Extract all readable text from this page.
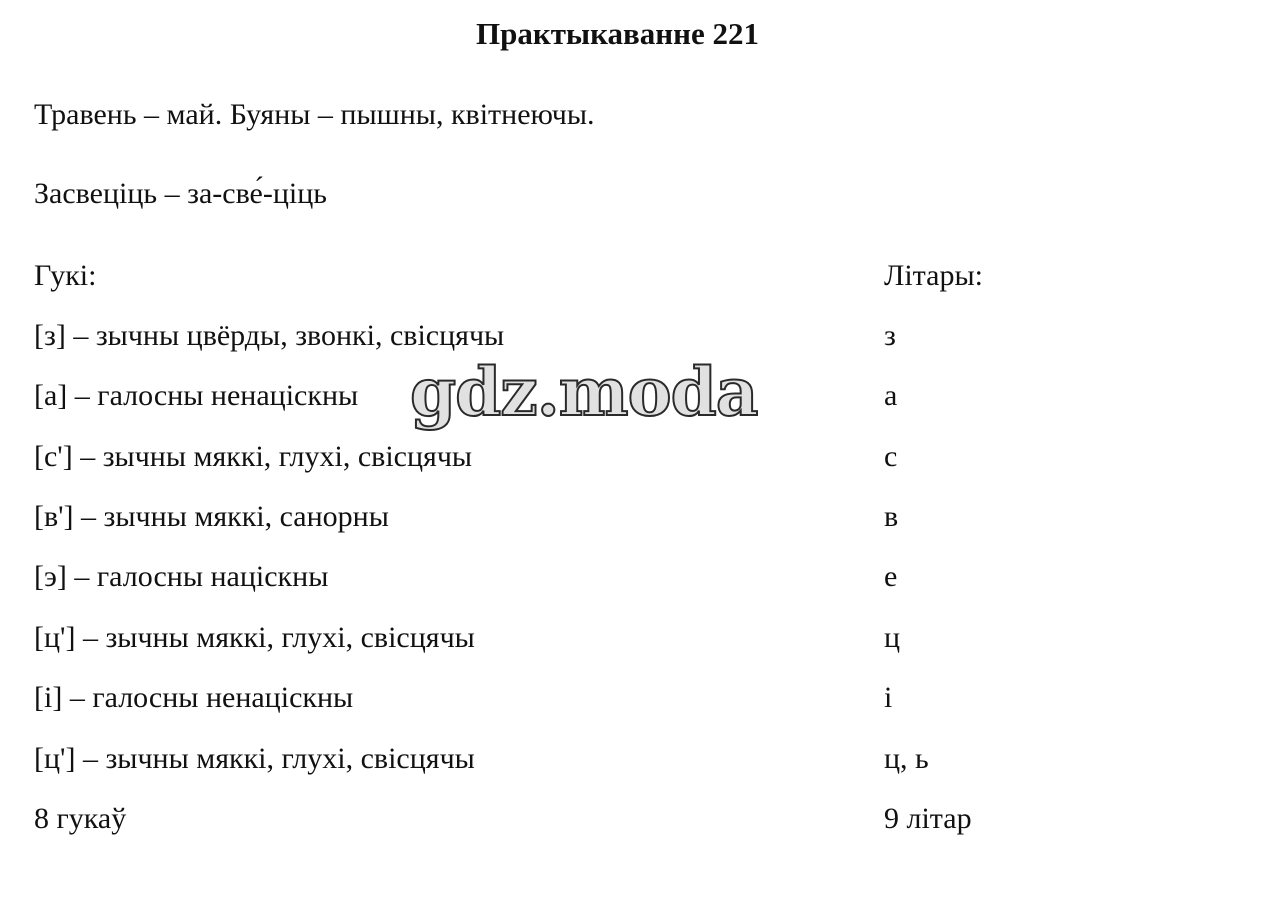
Практыкаванне 221
Травень – май. Буяны – пышны, квітнеючы.
Засвеціць – за-све́-ціць
Гукі:	Літары:
[з] – зычны цвёрды, звонкі, свісцячы	з
[а] – галосны ненаціскны	а
[с'] – зычны мяккі, глухі, свісцячы	с
[в'] – зычны мяккі, санорны	в
[э] – галосны націскны	е
[ц'] – зычны мяккі, глухі, свісцячы	ц
[і] – галосны ненаціскны	і
[ц'] – зычны мяккі, глухі, свісцячы	ц, ь
8 гукаў	9 літар
gdz.moda
